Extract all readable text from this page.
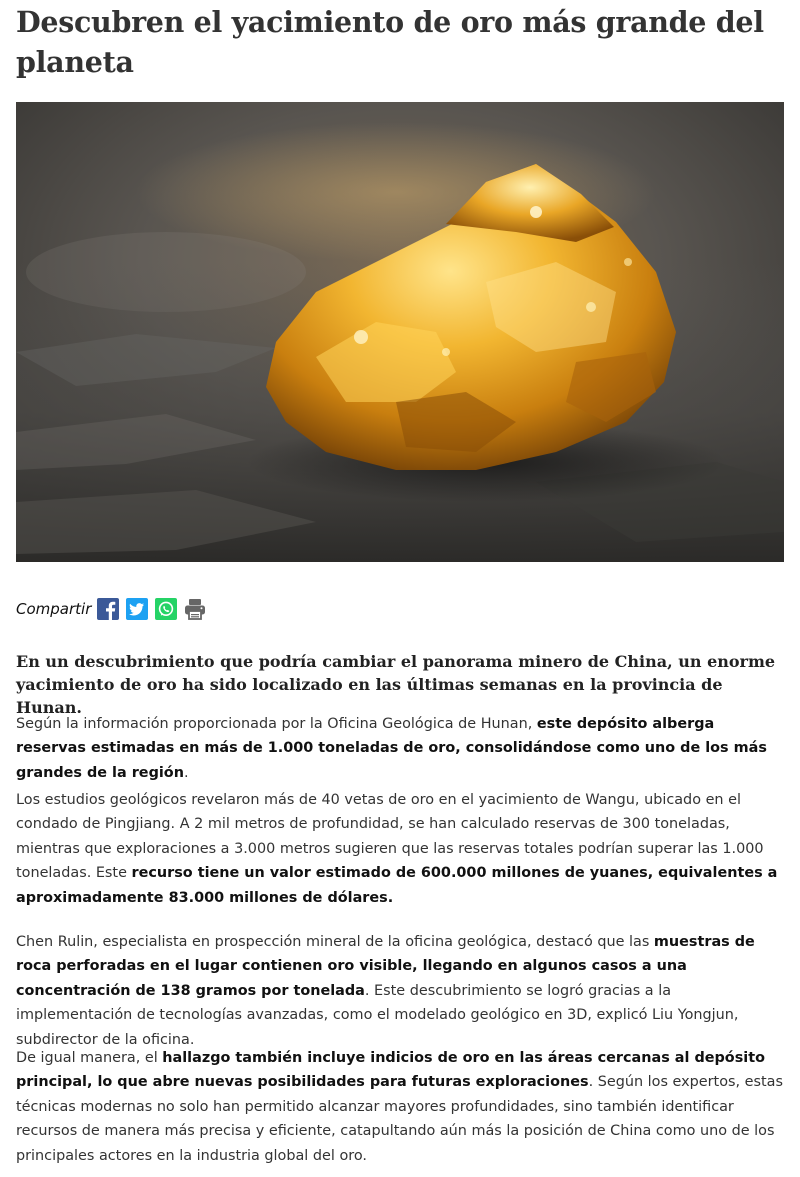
Descubren el yacimiento de oro más grande del planeta
Compartir

En un descubrimiento que podría cambiar el panorama minero de China, un enorme yacimiento de oro ha sido localizado en las últimas semanas en la provincia de Hunan.

Según la información proporcionada por la Oficina Geológica de Hunan, este depósito alberga reservas estimadas en más de 1.000 toneladas de oro, consolidándose como uno de los más grandes de la región.

Los estudios geológicos revelaron más de 40 vetas de oro en el yacimiento de Wangu, ubicado en el condado de Pingjiang. A 2 mil metros de profundidad, se han calculado reservas de 300 toneladas, mientras que exploraciones a 3.000 metros sugieren que las reservas totales podrían superar las 1.000 toneladas. Este recurso tiene un valor estimado de 600.000 millones de yuanes, equivalentes a aproximadamente 83.000 millones de dólares.

Chen Rulin, especialista en prospección mineral de la oficina geológica, destacó que las muestras de roca perforadas en el lugar contienen oro visible, llegando en algunos casos a una concentración de 138 gramos por tonelada. Este descubrimiento se logró gracias a la implementación de tecnologías avanzadas, como el modelado geológico en 3D, explicó Liu Yongjun, subdirector de la oficina.

De igual manera, el hallazgo también incluye indicios de oro en las áreas cercanas al depósito principal, lo que abre nuevas posibilidades para futuras exploraciones. Según los expertos, estas técnicas modernas no solo han permitido alcanzar mayores profundidades, sino también identificar recursos de manera más precisa y eficiente, catapultando aún más la posición de China como uno de los principales actores en la industria global del oro.
